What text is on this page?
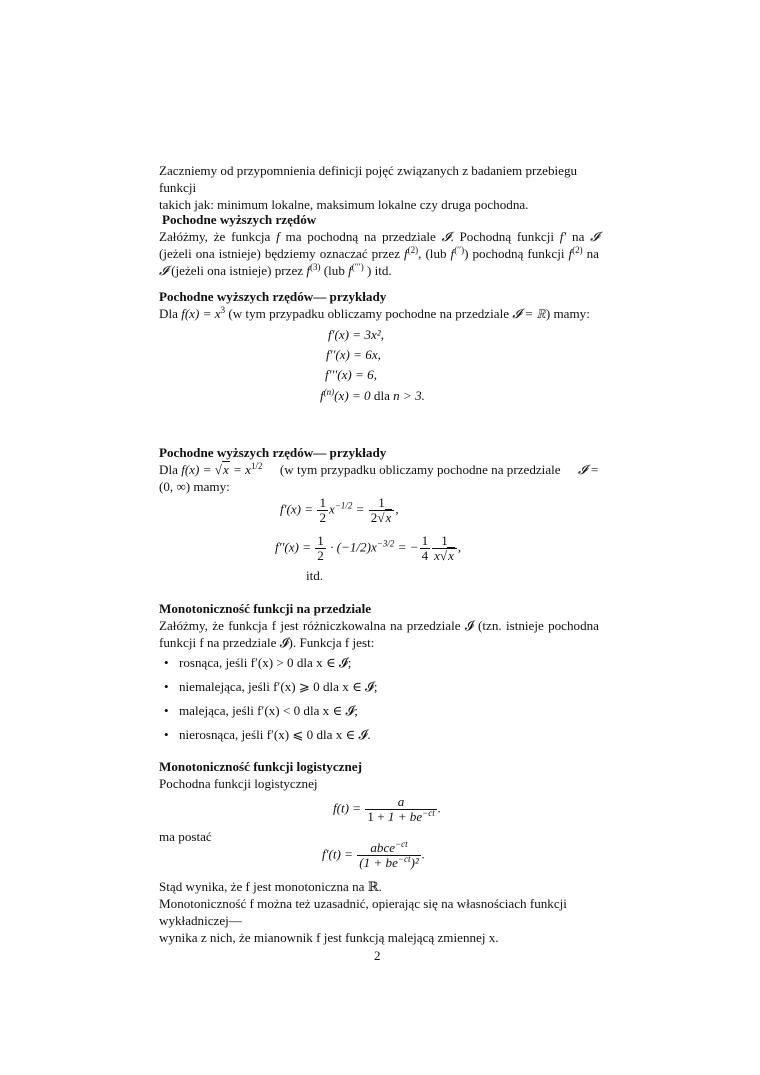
Zaczniemy od przypomnienia definicji pojęć związanych z badaniem przebiegu funkcji
takich jak: minimum lokalne, maksimum lokalne czy druga pochodna.
Pochodne wyższych rzędów
Załóżmy, że funkcja f ma pochodną na przedziale 𝓘. Pochodną funkcji f′ na 𝓘 (jeżeli ona istnieje) będziemy oznaczać przez $f^{(2)}$, (lub f(′′)) pochodną funkcji $f^{(2)}$ na 𝓘 (jeżeli ona istnieje) przez $f^{(3)}$ (lub f(′′′) ) itd.
Pochodne wyższych rzędów— przykłady
Dla $f(x) = x^3$ (w tym przypadku obliczamy pochodne na przedziale 𝓘 = ℝ) mamy:
f′(x) = 3x²,
f′′(x) = 6x,
f′′′(x) = 6,
$f^{(n)}(x) = 0$ dla n > 3.
Pochodne wyższych rzędów— przykłady
Dla $f(x) = √x = x^{1/2}$ (w tym przypadku obliczamy pochodne na przedziale 𝓘 =
(0, ∞) mamy:
$f'(x) = \frac{1}{2} x^{-1/2} = \frac{1}{2√x}$ ,
$f''(x) = \frac{1}{2} \cdot (-1/2)x^{-3/2}$ = − $\frac{1}{4} \frac{1}{x√x}$ ,
itd.
Monotoniczność funkcji na przedziale
Załóżmy, że funkcja f jest różniczkowalna na przedziale 𝓘 (tzn. istnieje pochodna
funkcji f na przedziale 𝓘). Funkcja f jest:
• rosnąca, jeśli f′(x) > 0 dla x ∈ 𝓘;
• niemalejąca, jeśli f′(x) ⩾ 0 dla x ∈ 𝓘;
• malejąca, jeśli f′(x) < 0 dla x ∈ 𝓘;
• nierosnąca, jeśli f′(x) ⩽ 0 dla x ∈ 𝓘.
Monotoniczność funkcji logistycznej
Pochodna funkcji logistycznej
$f(t) = \frac{a}{1 + 1 + be^{-ct}}$ .
ma postać
$f'(t) = \frac{abce^{-ct}}{(1 + be^{-ct})^2}$ .
Stąd wynika, że f jest monotoniczna na ℝ.
Monotoniczność f można też uzasadnić, opierając się na własnościach funkcji wykładniczej—
wynika z nich, że mianownik f jest funkcją malejącą zmiennej x.
2
